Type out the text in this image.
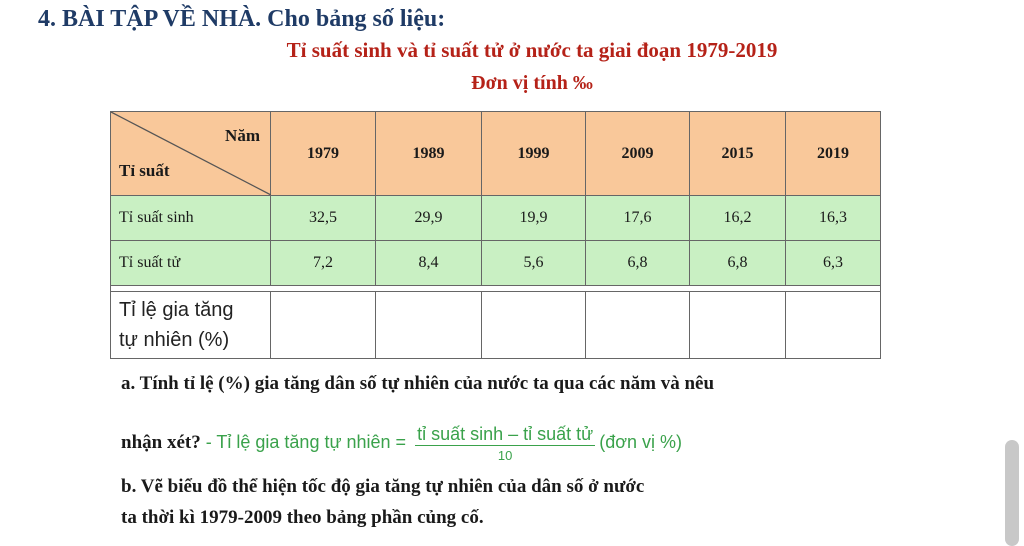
4. BÀI TẬP VỀ NHÀ. Cho bảng số liệu:
Tỉ suất sinh và tỉ suất tử ở nước ta giai đoạn 1979-2019
Đơn vị tính ‰
Năm
Tỉ suất	1979	1989	1999	2009	2015	2019
Tỉ suất sinh	32,5	29,9	19,9	17,6	16,2	16,3
Tỉ suất tử	7,2	8,4	5,6	6,8	6,8	6,3

Tỉ lệ gia tăng
tự nhiên (%)						
a. Tính tỉ lệ (%) gia tăng dân số tự nhiên của nước ta qua các năm và nêu
nhận xét? - Tỉ lệ gia tăng tự nhiên = $\frac{\text{tỉ suất sinh – tỉ suất tử}}{10}$ (đơn vị %)
b. Vẽ biểu đồ thể hiện tốc độ gia tăng tự nhiên của dân số ở nước
ta thời kì 1979-2009 theo bảng phần củng cố.
